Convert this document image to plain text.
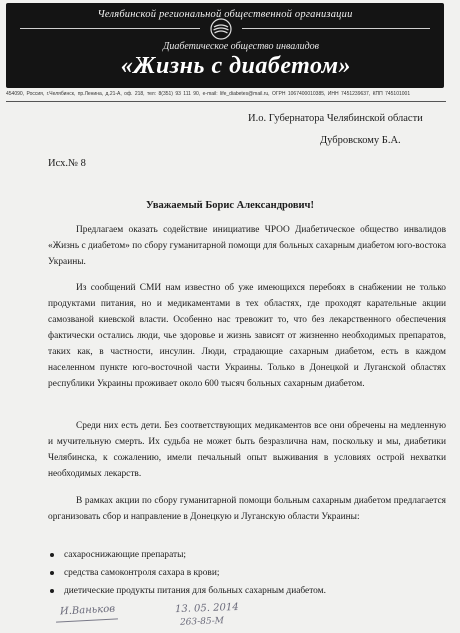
Челябинской региональной общественной организации
Диабетическое общество инвалидов
«Жизнь с диабетом»
454090, Россия, г.Челябинск, пр.Ленина, д.21-А, оф. 218, тел: 8(351) 93 111 90, e-mail: life_diabetes@mail.ru, ОГРН 1067400010385, ИНН 7451239637, КПП 745101001
И.о. Губернатора Челябинской области
Дубровскому Б.А.
Исх.№ 8
Уважаемый Борис Александрович!

Предлагаем оказать содействие инициативе ЧРОО Диабетическое общество инвалидов «Жизнь с диабетом» по сбору гуманитарной помощи для больных сахарным диабетом юго-востока Украины.

Из сообщений СМИ нам известно об уже имеющихся перебоях в снабжении не только продуктами питания, но и медикаментами в тех областях, где проходят карательные акции самозваной киевской власти. Особенно нас тревожит то, что без лекарственного обеспечения фактически остались люди, чье здоровье и жизнь зависят от жизненно необходимых препаратов, таких как, в частности, инсулин. Люди, страдающие сахарным диабетом, есть в каждом населенном пункте юго-восточной части Украины. Только в Донецкой и Луганской областях республики Украины проживает около 600 тысяч больных сахарным диабетом.

Среди них есть дети. Без соответствующих медикаментов все они обречены на медленную и мучительную смерть. Их судьба не может быть безразлична нам, поскольку и мы, диабетики Челябинска, к сожалению, имели печальный опыт выживания в условиях острой нехватки необходимых лекарств.

В рамках акции по сбору гуманитарной помощи больным сахарным диабетом предлагается организовать сбор и направление в Донецкую и Луганскую области Украины:

сахароснижающие препараты;
средства самоконтроля сахара в крови;
диетические продукты питания для больных сахарным диабетом.
И.Ваньков	13. 05. 2014
263-85-М
